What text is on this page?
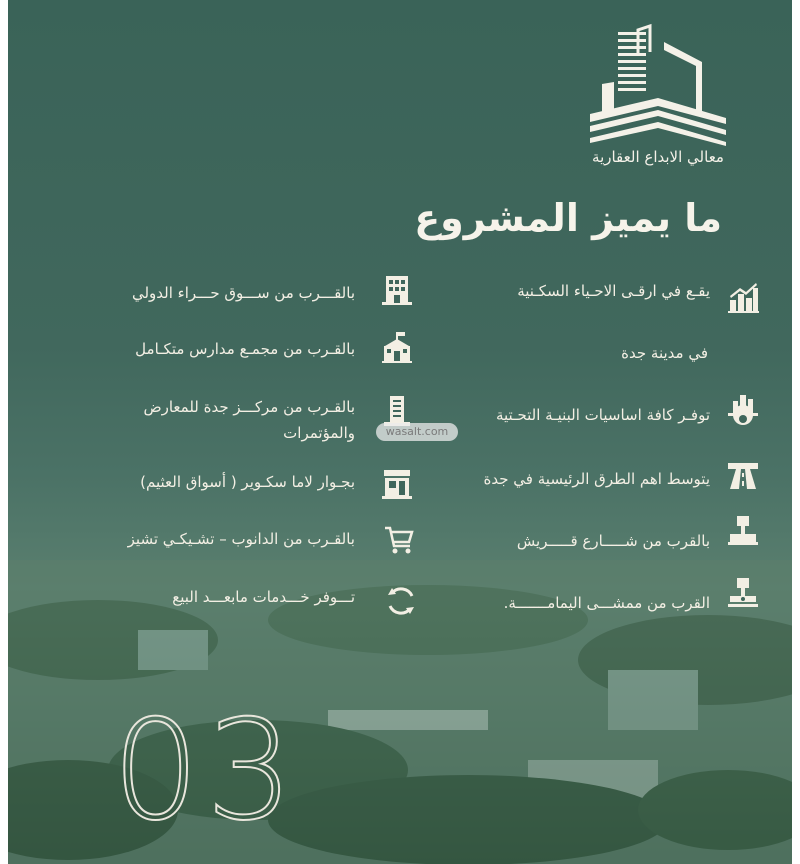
معالي الابداع العقارية
ما يميز المشروع
يقـع في ارقـى الاحـياء السكـنية
في مدينة جدة
توفـر كافة اساسيات البنيـة التحـتية
يتوسط اهم الطرق الرئيسية في جدة
بالقرب من شـــــارع قـــــريش
القرب من ممشـــى اليمامـــــــة.
بالقـــرب من ســـوق حـــراء الدولي
بالقـرب من مجمـع مدارس متكـامل
بالقـرب من مركـــز جدة للمعارض
والمؤتمرات
بجـوار لاما سكـوير ( أسواق العثيم)
بالقـرب من الدانوب – تشـيكـي تشيز
تـــوفر خـــدمات مابعـــد البيع
wasalt.com
03
